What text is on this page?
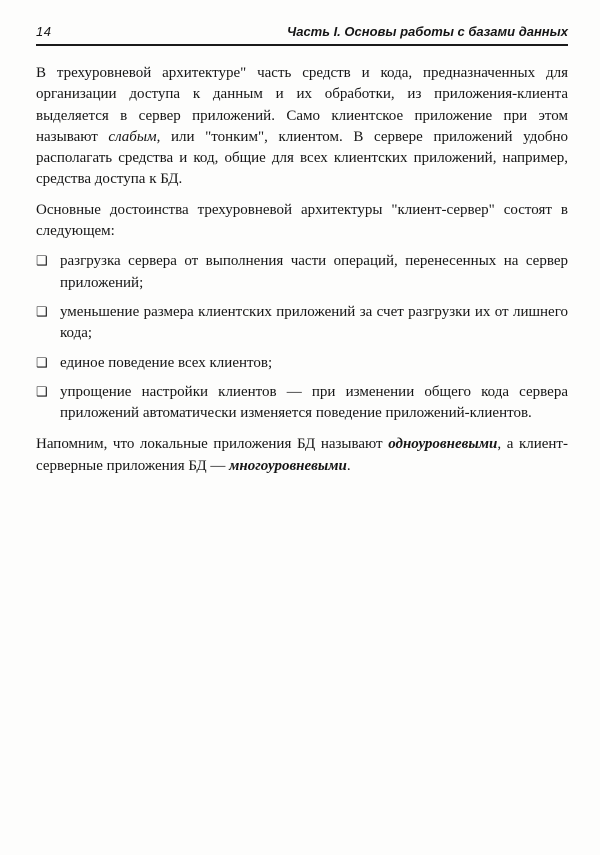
14	Часть I. Основы работы с базами данных

В трехуровневой архитектуре" часть средств и кода, предназначенных для организации доступа к данным и их обработки, из приложения-клиента выделяется в сервер приложений. Само клиентское приложение при этом называют слабым, или "тонким", клиентом. В сервере приложений удобно располагать средства и код, общие для всех клиентских приложений, например, средства доступа к БД.

Основные достоинства трехуровневой архитектуры "клиент-сервер" состоят в следующем:

❑ разгрузка сервера от выполнения части операций, перенесенных на сервер приложений;
❑ уменьшение размера клиентских приложений за счет разгрузки их от лишнего кода;
❑ единое поведение всех клиентов;
❑ упрощение настройки клиентов — при изменении общего кода сервера приложений автоматически изменяется поведение приложений-клиентов.

Напомним, что локальные приложения БД называют одноуровневыми, а клиент-серверные приложения БД — многоуровневыми.
